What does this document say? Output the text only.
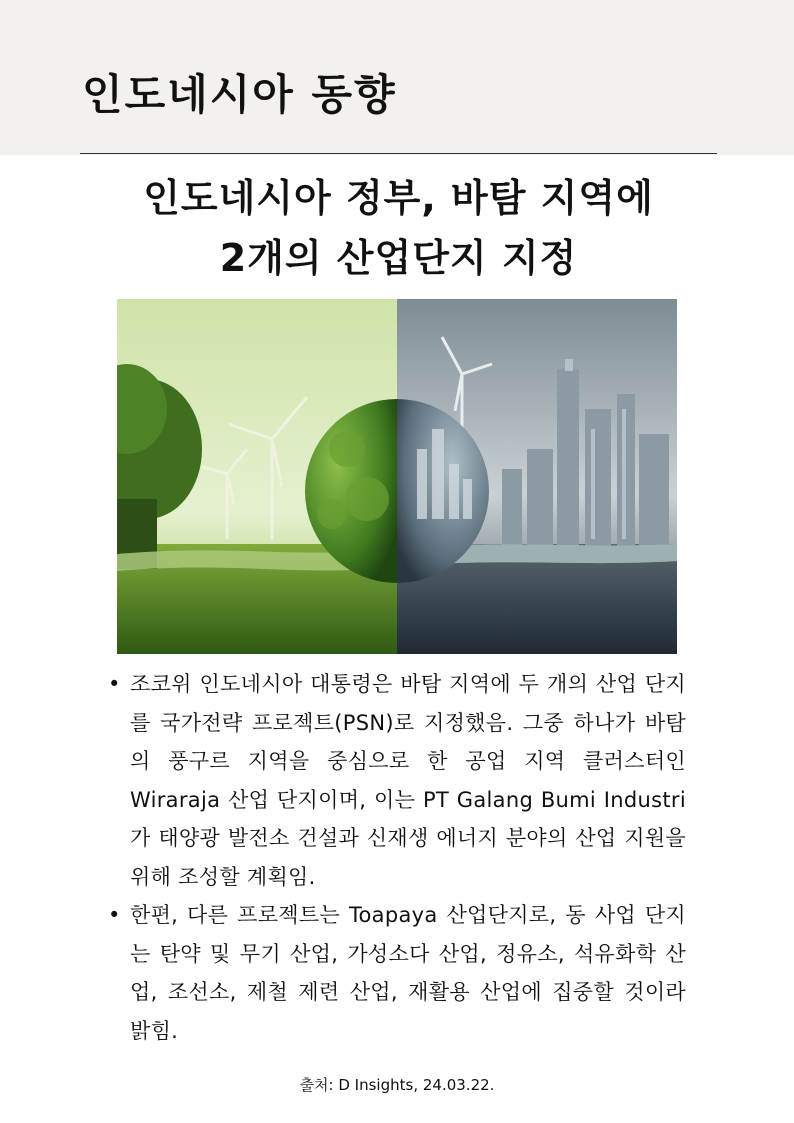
인도네시아 동향
인도네시아 정부, 바탐 지역에
2개의 산업단지 지정
• 조코위 인도네시아 대통령은 바탐 지역에 두 개의 산업 단지를 국가전략 프로젝트(PSN)로 지정했음. 그중 하나가 바탐의 풍구르 지역을 중심으로 한 공업 지역 클러스터인 Wiraraja 산업 단지이며, 이는 PT Galang Bumi Industri가 태양광 발전소 건설과 신재생 에너지 분야의 산업 지원을 위해 조성할 계획임.
• 한편, 다른 프로젝트는 Toapaya 산업단지로, 동 사업 단지는 탄약 및 무기 산업, 가성소다 산업, 정유소, 석유화학 산업, 조선소, 제철 제련 산업, 재활용 산업에 집중할 것이라 밝힘.
출처: D Insights, 24.03.22.
